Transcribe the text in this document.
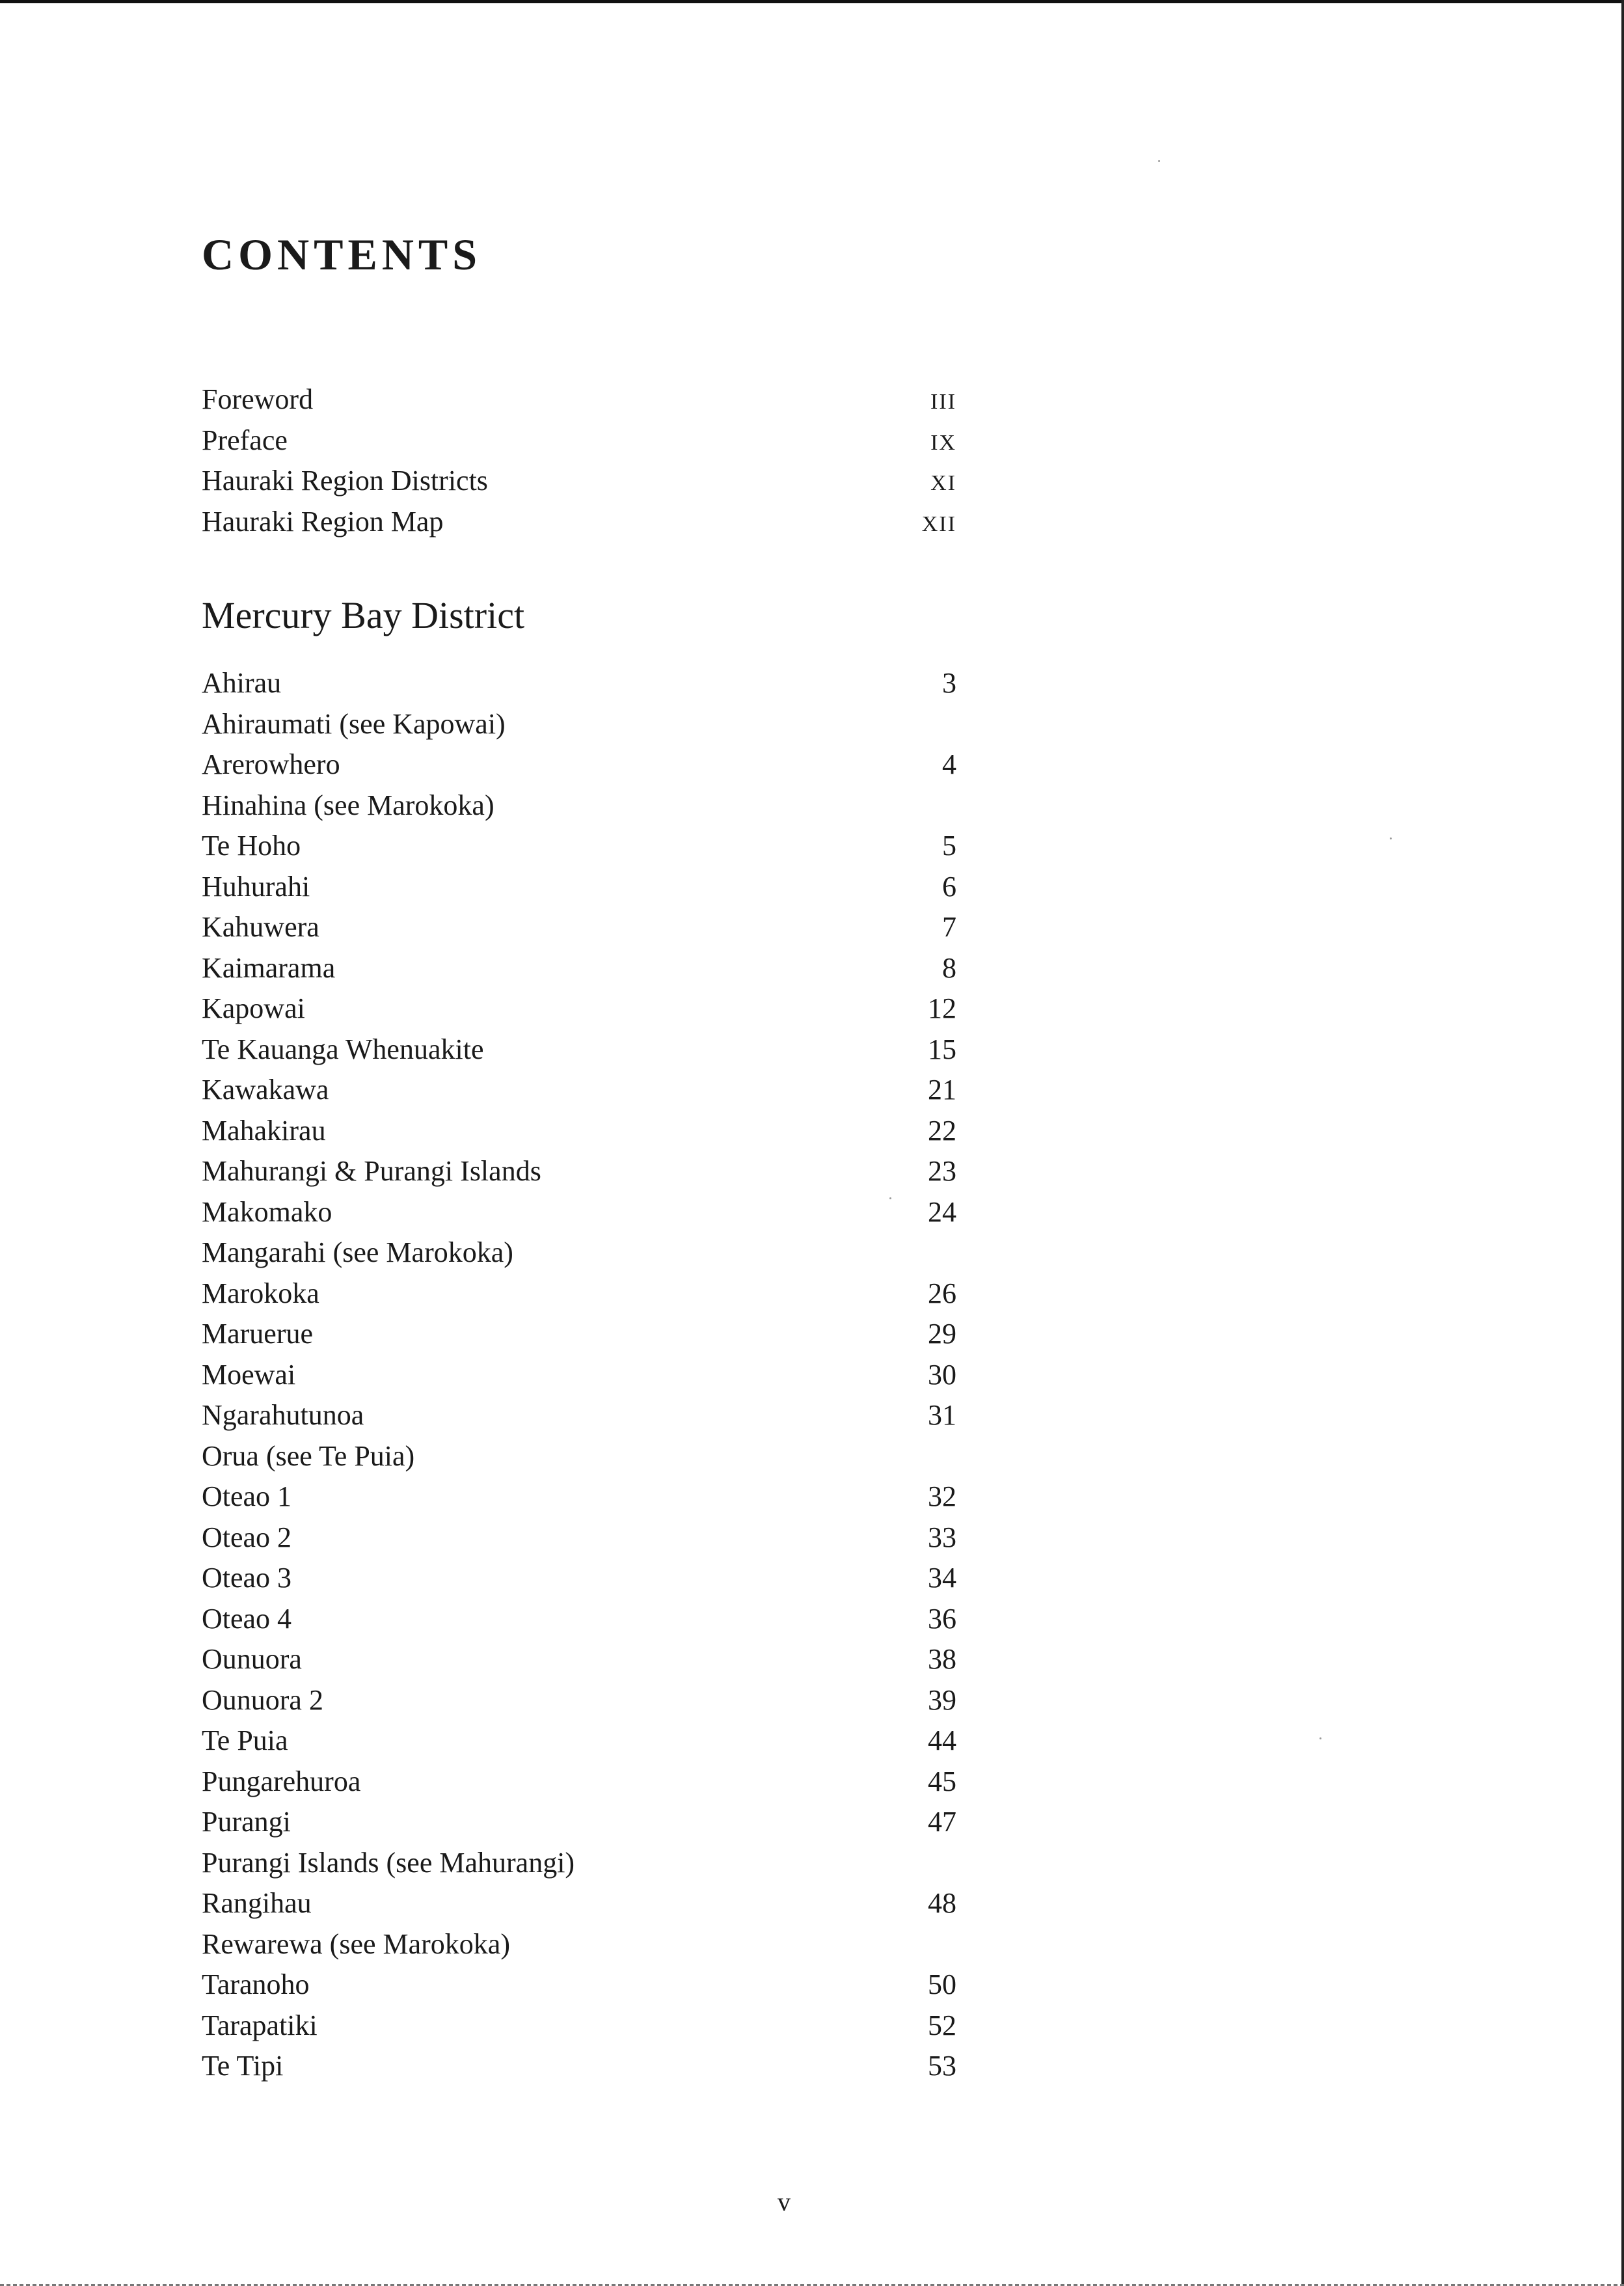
CONTENTS
Foreword	III
Preface	IX
Hauraki Region Districts	XI
Hauraki Region Map	XII
Mercury Bay District
Ahirau	3
Ahiraumati (see Kapowai)
Arerowhero	4
Hinahina (see Marokoka)
Te Hoho	5
Huhurahi	6
Kahuwera	7
Kaimarama	8
Kapowai	12
Te Kauanga Whenuakite	15
Kawakawa	21
Mahakirau	22
Mahurangi & Purangi Islands	23
Makomako	24
Mangarahi (see Marokoka)
Marokoka	26
Maruerue	29
Moewai	30
Ngarahutunoa	31
Orua (see Te Puia)
Oteao 1	32
Oteao 2	33
Oteao 3	34
Oteao 4	36
Ounuora	38
Ounuora 2	39
Te Puia	44
Pungarehuroa	45
Purangi	47
Purangi Islands (see Mahurangi)
Rangihau	48
Rewarewa (see Marokoka)
Taranoho	50
Tarapatiki	52
Te Tipi	53
v
